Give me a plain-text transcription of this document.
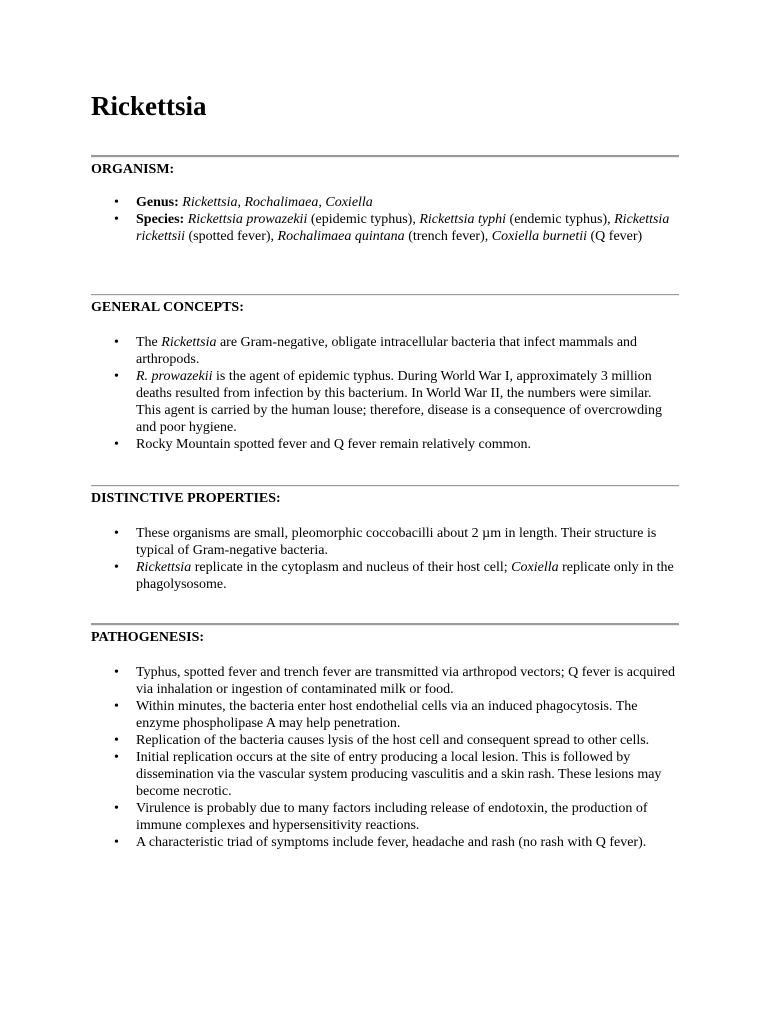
Rickettsia
ORGANISM:
• Genus: Rickettsia, Rochalimaea, Coxiella
• Species: Rickettsia prowazekii (epidemic typhus), Rickettsia typhi (endemic typhus), Rickettsia rickettsii (spotted fever), Rochalimaea quintana (trench fever), Coxiella burnetii (Q fever)
GENERAL CONCEPTS:
• The Rickettsia are Gram-negative, obligate intracellular bacteria that infect mammals and arthropods.
• R. prowazekii is the agent of epidemic typhus. During World War I, approximately 3 million deaths resulted from infection by this bacterium. In World War II, the numbers were similar. This agent is carried by the human louse; therefore, disease is a consequence of overcrowding and poor hygiene.
• Rocky Mountain spotted fever and Q fever remain relatively common.
DISTINCTIVE PROPERTIES:
• These organisms are small, pleomorphic coccobacilli about 2 µm in length. Their structure is typical of Gram-negative bacteria.
• Rickettsia replicate in the cytoplasm and nucleus of their host cell; Coxiella replicate only in the phagolysosome.
PATHOGENESIS:
• Typhus, spotted fever and trench fever are transmitted via arthropod vectors; Q fever is acquired via inhalation or ingestion of contaminated milk or food.
• Within minutes, the bacteria enter host endothelial cells via an induced phagocytosis. The enzyme phospholipase A may help penetration.
• Replication of the bacteria causes lysis of the host cell and consequent spread to other cells.
• Initial replication occurs at the site of entry producing a local lesion. This is followed by dissemination via the vascular system producing vasculitis and a skin rash. These lesions may become necrotic.
• Virulence is probably due to many factors including release of endotoxin, the production of immune complexes and hypersensitivity reactions.
• A characteristic triad of symptoms include fever, headache and rash (no rash with Q fever).
